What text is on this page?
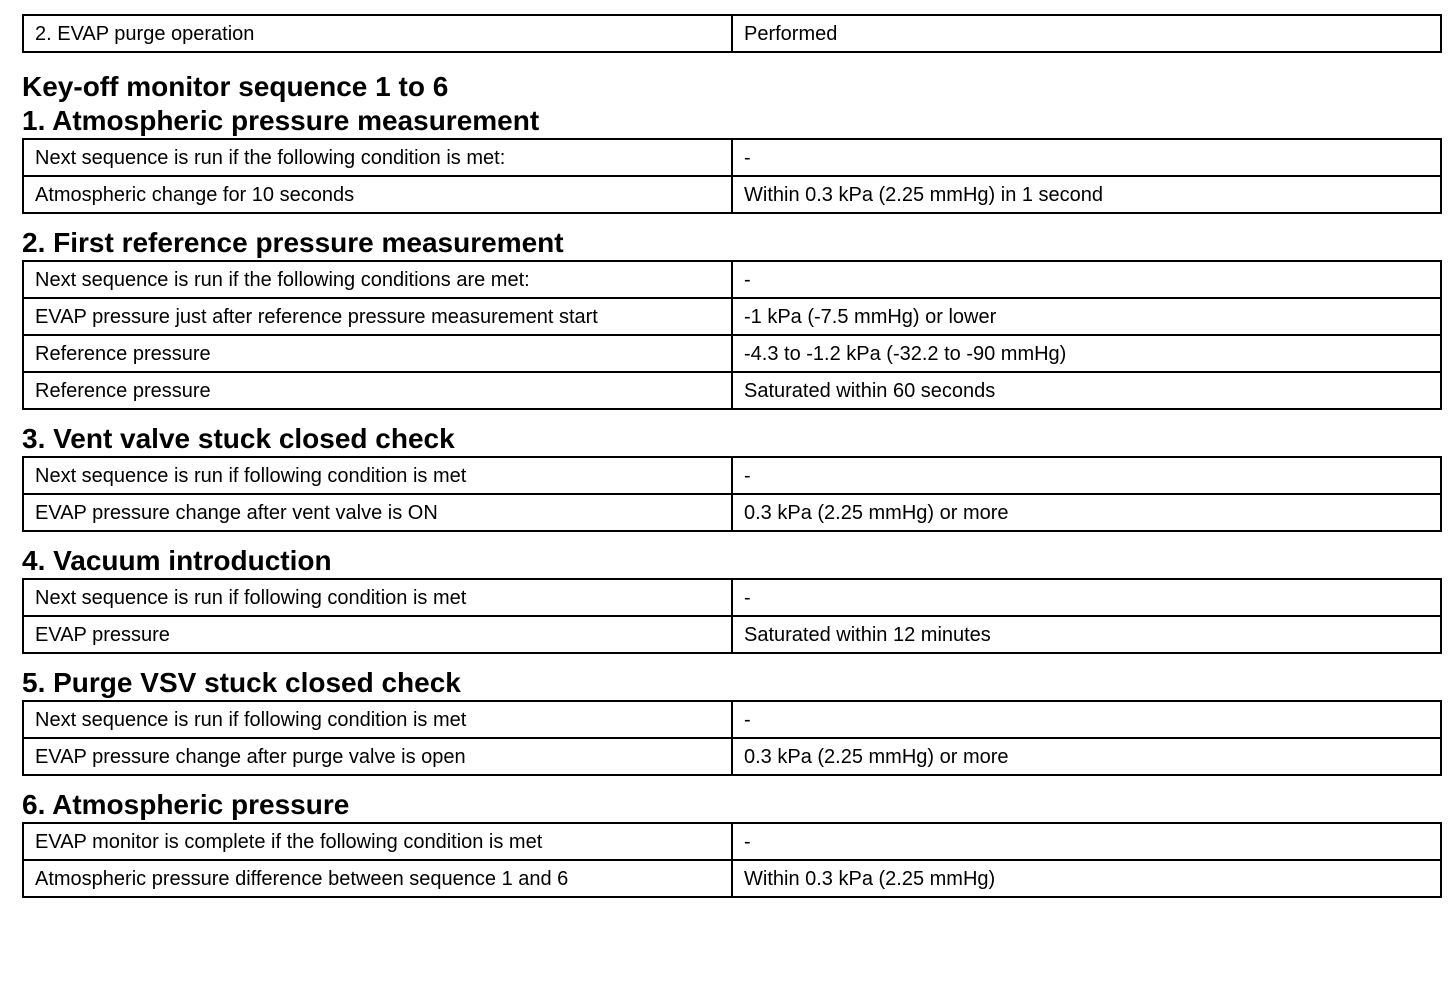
2. EVAP purge operation	Performed
Key-off monitor sequence 1 to 6
1. Atmospheric pressure measurement
Next sequence is run if the following condition is met:	-
Atmospheric change for 10 seconds	Within 0.3 kPa (2.25 mmHg) in 1 second
2. First reference pressure measurement
Next sequence is run if the following conditions are met:	-
EVAP pressure just after reference pressure measurement start	-1 kPa (-7.5 mmHg) or lower
Reference pressure	-4.3 to -1.2 kPa (-32.2 to -90 mmHg)
Reference pressure	Saturated within 60 seconds
3. Vent valve stuck closed check
Next sequence is run if following condition is met	-
EVAP pressure change after vent valve is ON	0.3 kPa (2.25 mmHg) or more
4. Vacuum introduction
Next sequence is run if following condition is met	-
EVAP pressure	Saturated within 12 minutes
5. Purge VSV stuck closed check
Next sequence is run if following condition is met	-
EVAP pressure change after purge valve is open	0.3 kPa (2.25 mmHg) or more
6. Atmospheric pressure
EVAP monitor is complete if the following condition is met	-
Atmospheric pressure difference between sequence 1 and 6	Within 0.3 kPa (2.25 mmHg)
